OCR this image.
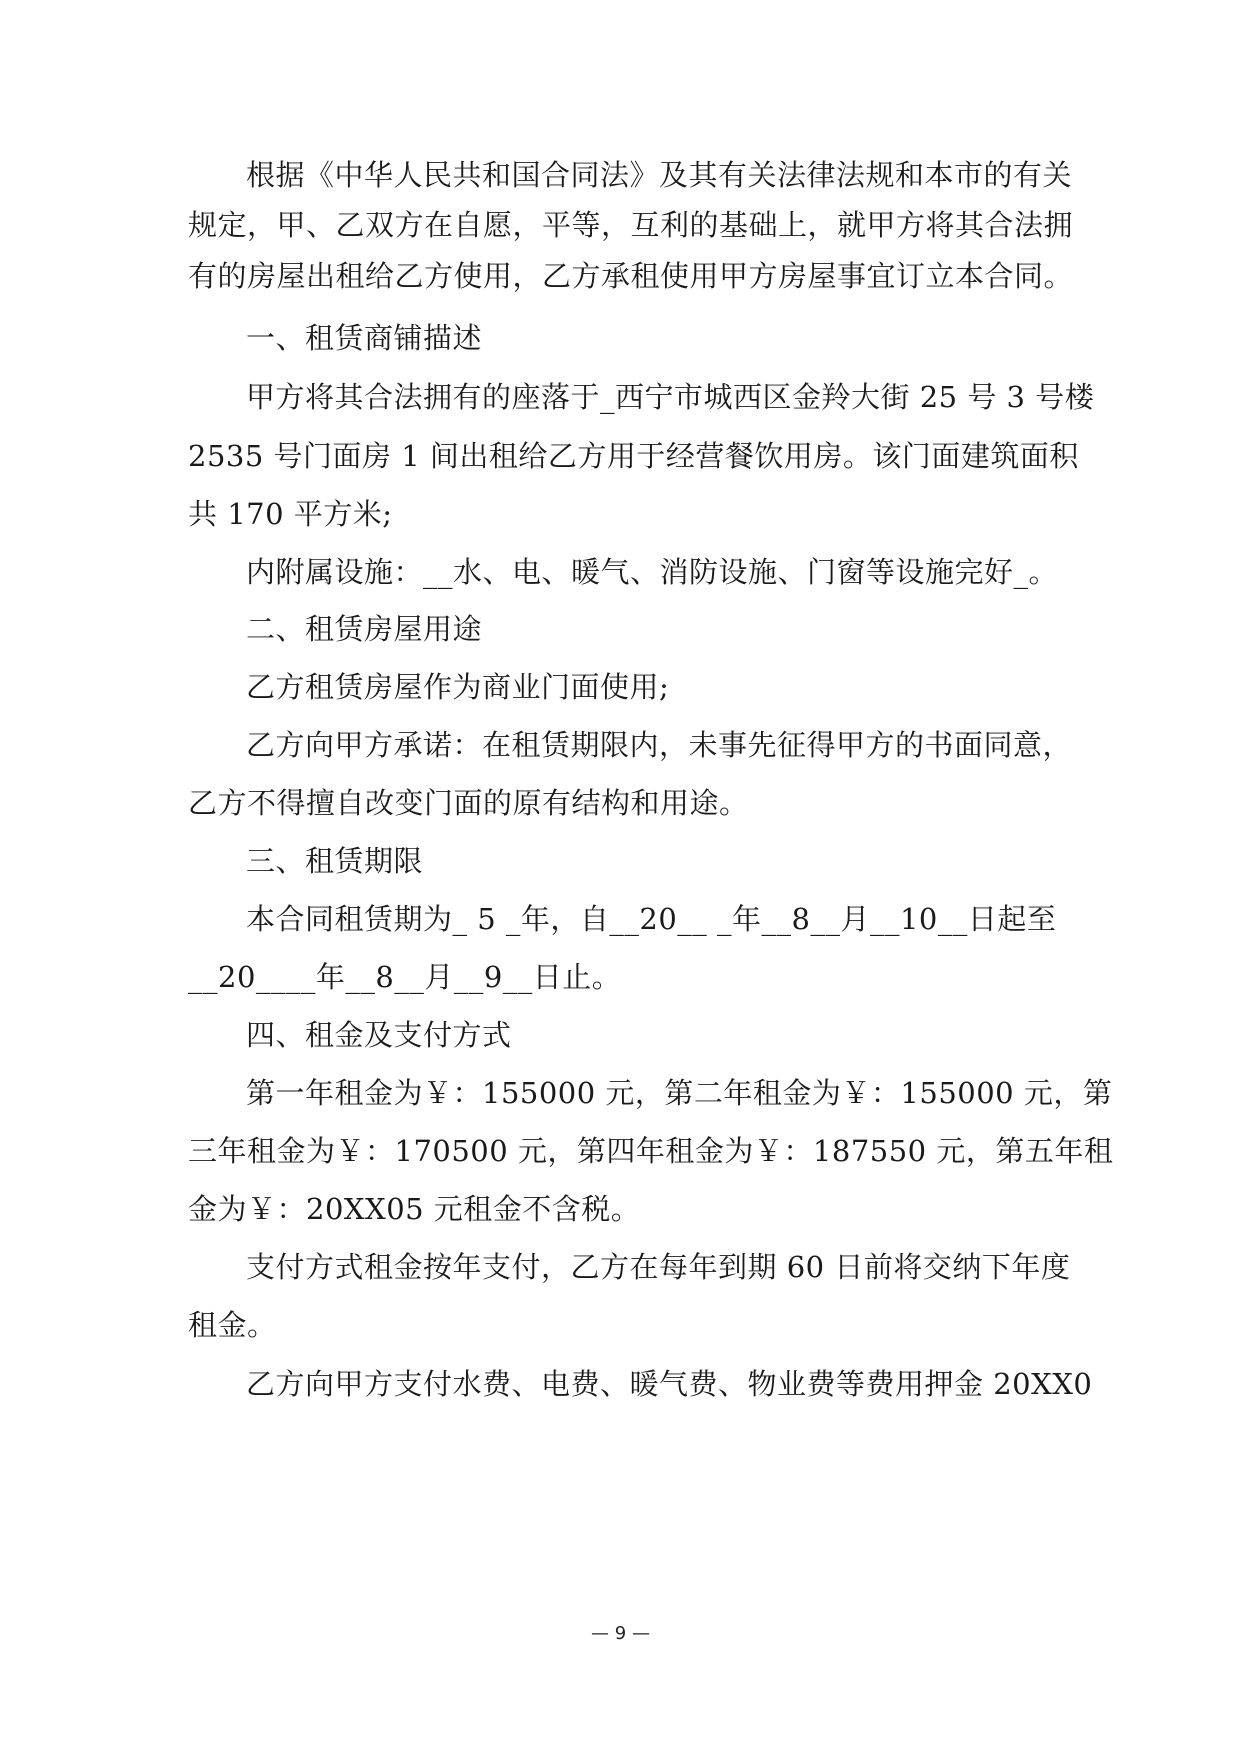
根据《中华人民共和国合同法》及其有关法律法规和本市的有关
规定，甲、乙双方在自愿，平等，互利的基础上，就甲方将其合法拥
有的房屋出租给乙方使用，乙方承租使用甲方房屋事宜订立本合同。
一、租赁商铺描述
甲方将其合法拥有的座落于_西宁市城西区金羚大街 25 号 3 号楼
2535 号门面房 1 间出租给乙方用于经营餐饮用房。该门面建筑面积
共 170 平方米;
内附属设施：__水、电、暖气、消防设施、门窗等设施完好_。
二、租赁房屋用途
乙方租赁房屋作为商业门面使用;
乙方向甲方承诺：在租赁期限内，未事先征得甲方的书面同意，
乙方不得擅自改变门面的原有结构和用途。
三、租赁期限
本合同租赁期为_ 5 _年，自__20__ _年__8__月__10__日起至
__20____年__8__月__9__日止。
四、租金及支付方式
第一年租金为￥：155000 元，第二年租金为￥：155000 元，第
三年租金为￥：170500 元，第四年租金为￥：187550 元，第五年租
金为￥：20XX05 元租金不含税。
支付方式租金按年支付，乙方在每年到期 60 日前将交纳下年度
租金。
乙方向甲方支付水费、电费、暖气费、物业费等费用押金 20XX0
— 9 —
